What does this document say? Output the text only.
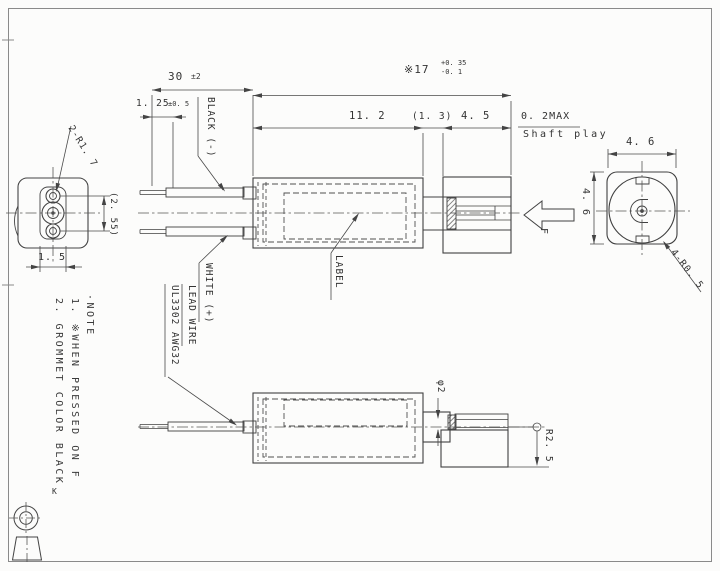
30 ±2
※17 +0. 35
-0. 1
1. 25
±0. 5
11. 2	(1. 3) 4. 5	0. 2MAX
Shaft play
2-R1. 7
(2. 55)
1. 5
4. 6
4. 6
4-R0. 5
φ2
R2. 5
BLACK (-)
WHITE (+)
LEAD WIRE
UL3302 AWG32
LABEL
F
·NOTE
1. ※WHEN PRESSED ON F
2. GROMMET COLOR BLACK
K
